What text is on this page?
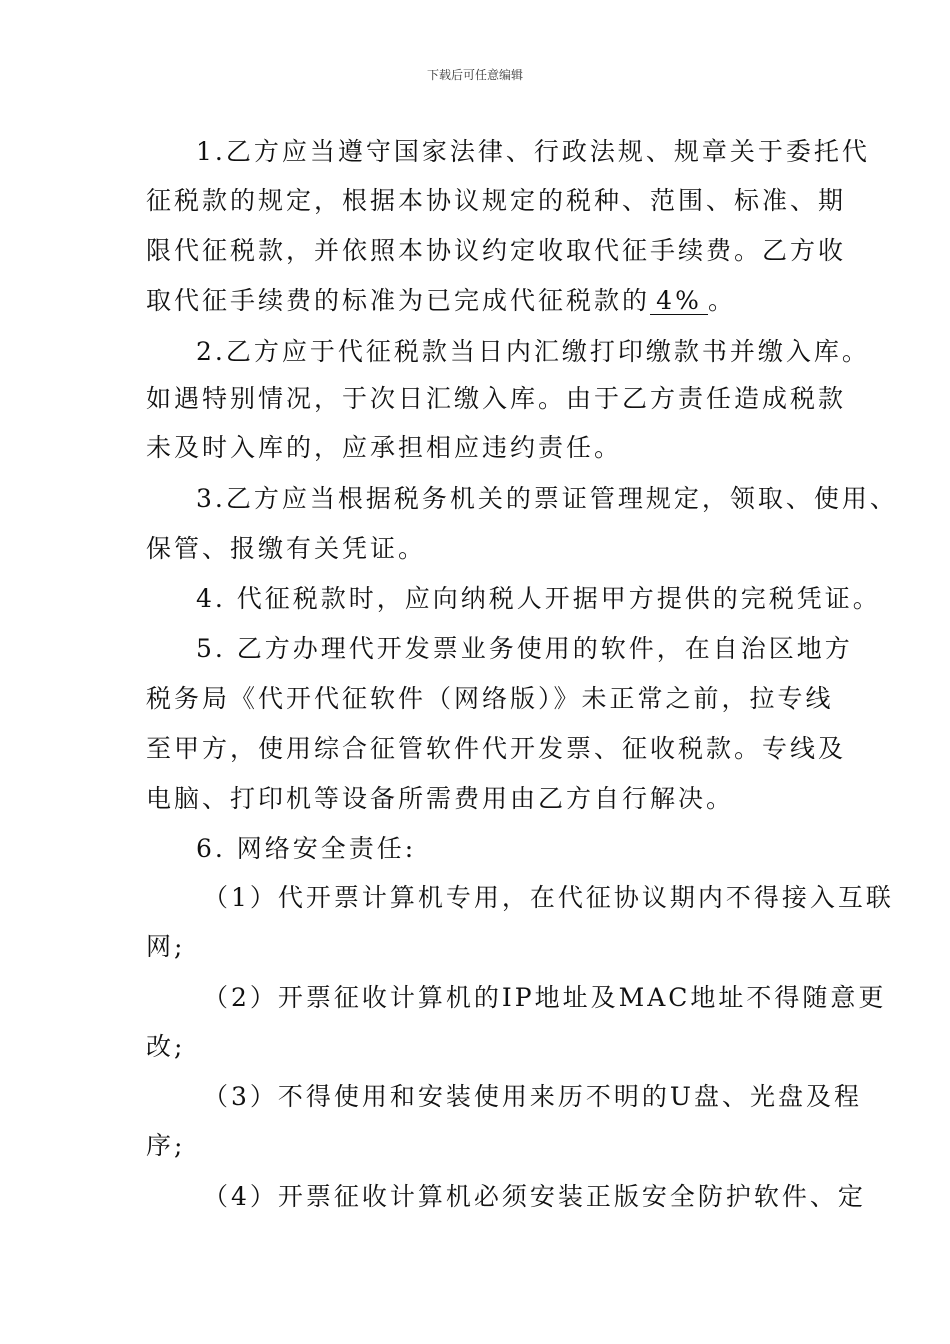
下载后可任意编辑
1.乙方应当遵守国家法律、行政法规、规章关于委托代
征税款的规定，根据本协议规定的税种、范围、标准、期
限代征税款，并依照本协议约定收取代征手续费。乙方收
取代征手续费的标准为已完成代征税款的 4% 。
2.乙方应于代征税款当日内汇缴打印缴款书并缴入库。
如遇特别情况，于次日汇缴入库。由于乙方责任造成税款
未及时入库的，应承担相应违约责任。
3.乙方应当根据税务机关的票证管理规定，领取、使用、
保管、报缴有关凭证。
4. 代征税款时，应向纳税人开据甲方提供的完税凭证。
5. 乙方办理代开发票业务使用的软件，在自治区地方
税务局《代开代征软件（网络版）》未正常之前，拉专线
至甲方，使用综合征管软件代开发票、征收税款。专线及
电脑、打印机等设备所需费用由乙方自行解决。
6. 网络安全责任:
（1）代开票计算机专用，在代征协议期内不得接入互联
网;
（2）开票征收计算机的IP地址及MAC地址不得随意更
改;
（3）不得使用和安装使用来历不明的U盘、光盘及程
序;
（4）开票征收计算机必须安装正版安全防护软件、定
